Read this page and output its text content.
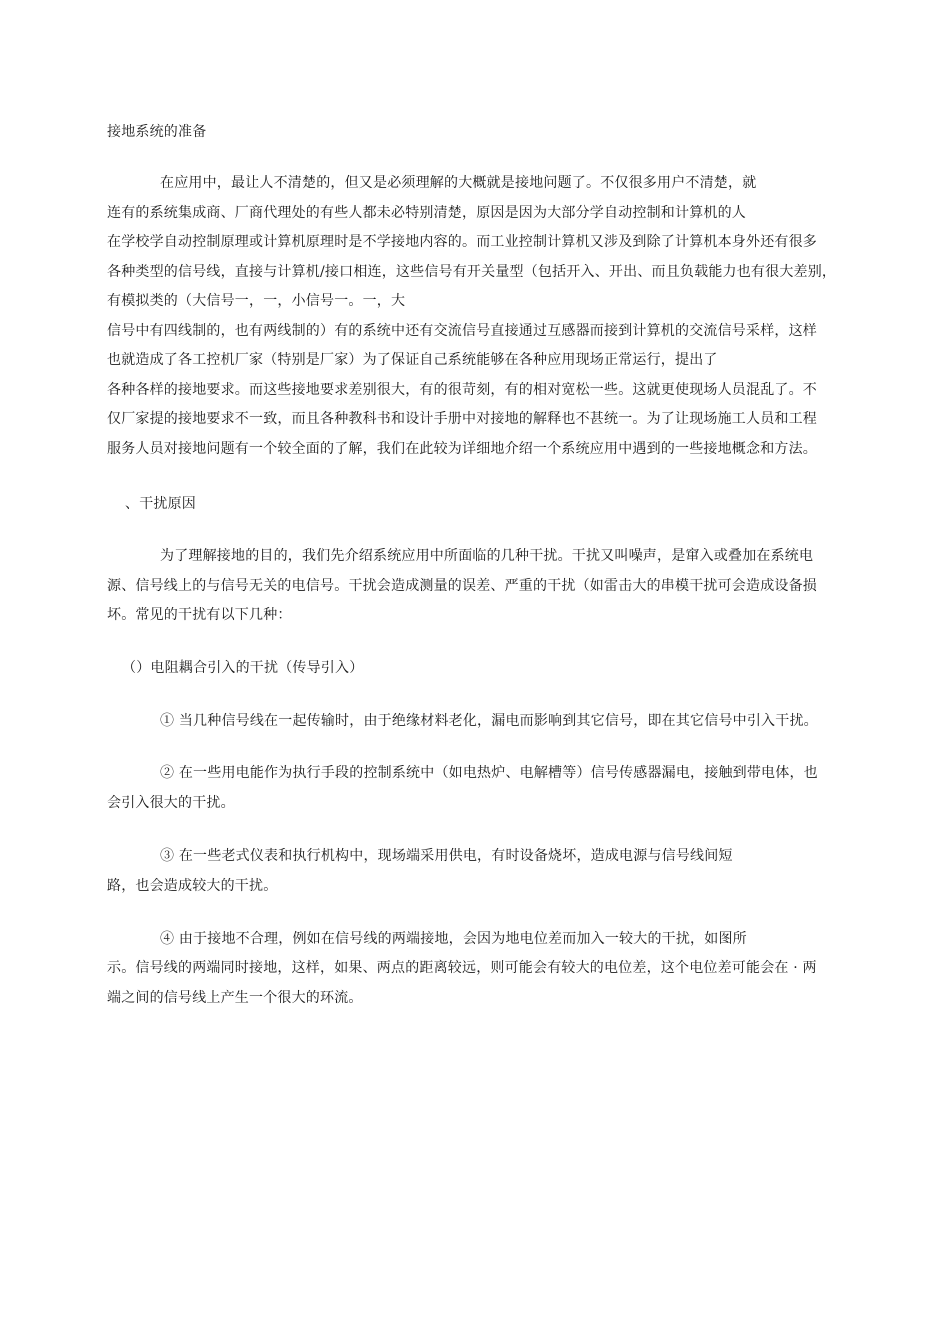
接地系统的准备
在应用中，最让人不清楚的，但又是必须理解的大概就是接地问题了。不仅很多用户不清楚，就
连有的系统集成商、厂商代理处的有些人都未必特别清楚，原因是因为大部分学自动控制和计算机的人
在学校学自动控制原理或计算机原理时是不学接地内容的。而工业控制计算机又涉及到除了计算机本身外还有很多
各种类型的信号线，直接与计算机/接口相连，这些信号有开关量型（包括开入、开出、而且负载能力也有很大差别，
有模拟类的（大信号一，一，小信号一。一，大
信号中有四线制的，也有两线制的）有的系统中还有交流信号直接通过互感器而接到计算机的交流信号采样，这样
也就造成了各工控机厂家（特别是厂家）为了保证自己系统能够在各种应用现场正常运行，提出了
各种各样的接地要求。而这些接地要求差别很大，有的很苛刻，有的相对宽松一些。这就更使现场人员混乱了。不
仅厂家提的接地要求不一致，而且各种教科书和设计手册中对接地的解释也不甚统一。为了让现场施工人员和工程
服务人员对接地问题有一个较全面的了解，我们在此较为详细地介绍一个系统应用中遇到的一些接地概念和方法。
、干扰原因
为了理解接地的目的，我们先介绍系统应用中所面临的几种干扰。干扰又叫噪声，是窜入或叠加在系统电
源、信号线上的与信号无关的电信号。干扰会造成测量的误差、严重的干扰（如雷击大的串模干扰可会造成设备损
坏。常见的干扰有以下几种：
（）电阻耦合引入的干扰（传导引入）
① 当几种信号线在一起传输时，由于绝缘材料老化，漏电而影响到其它信号，即在其它信号中引入干扰。
② 在一些用电能作为执行手段的控制系统中（如电热炉、电解槽等）信号传感器漏电，接触到带电体，也
会引入很大的干扰。
③ 在一些老式仪表和执行机构中，现场端采用供电，有时设备烧坏，造成电源与信号线间短
路，也会造成较大的干扰。
④ 由于接地不合理，例如在信号线的两端接地，会因为地电位差而加入一较大的干扰，如图所
示。信号线的两端同时接地，这样，如果、两点的距离较远，则可能会有较大的电位差，这个电位差可能会在 · 两
端之间的信号线上产生一个很大的环流。
